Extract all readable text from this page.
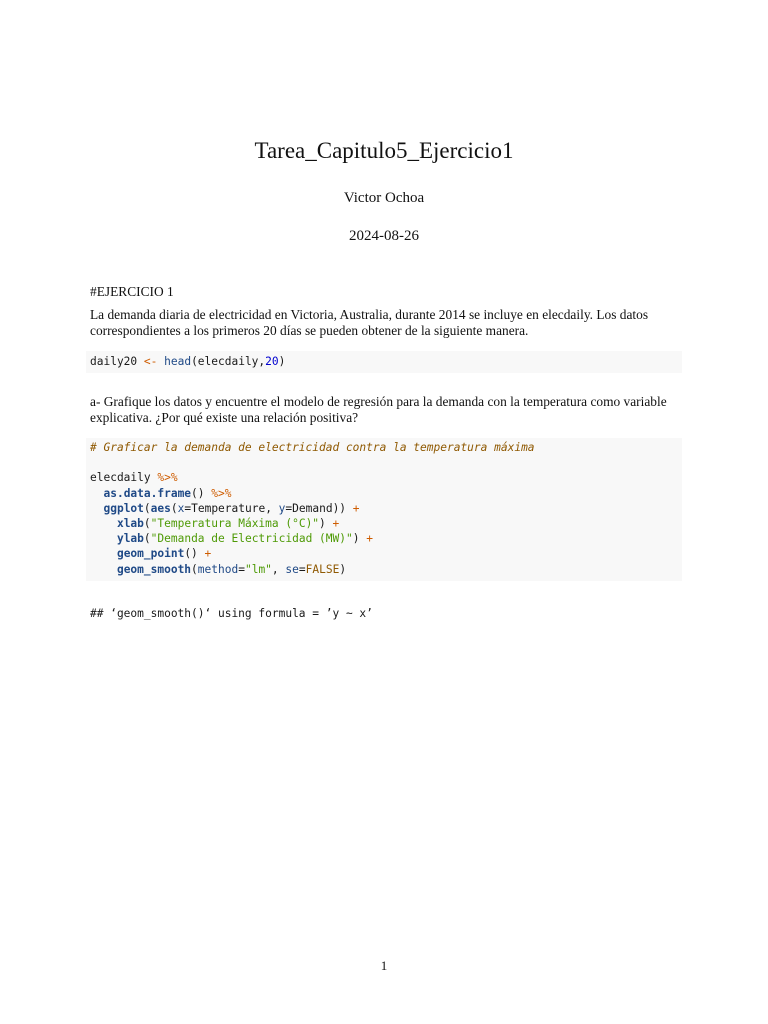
Tarea_Capitulo5_Ejercicio1
Victor Ochoa
2024-08-26
#EJERCICIO 1
La demanda diaria de electricidad en Victoria, Australia, durante 2014 se incluye en elecdaily. Los datos correspondientes a los primeros 20 días se pueden obtener de la siguiente manera.
daily20 <- head(elecdaily,20)
a- Grafique los datos y encuentre el modelo de regresión para la demanda con la temperatura como variable explicativa. ¿Por qué existe una relación positiva?
# Graficar la demanda de electricidad contra la temperatura máxima
elecdaily %>%
as.data.frame() %>%
ggplot(aes(x=Temperature, y=Demand)) +
xlab("Temperatura Máxima (°C)") +
ylab("Demanda de Electricidad (MW)") +
geom_point() +
geom_smooth(method="lm", se=FALSE)
## ‘geom_smooth()‘ using formula = ’y ~ x’
1
